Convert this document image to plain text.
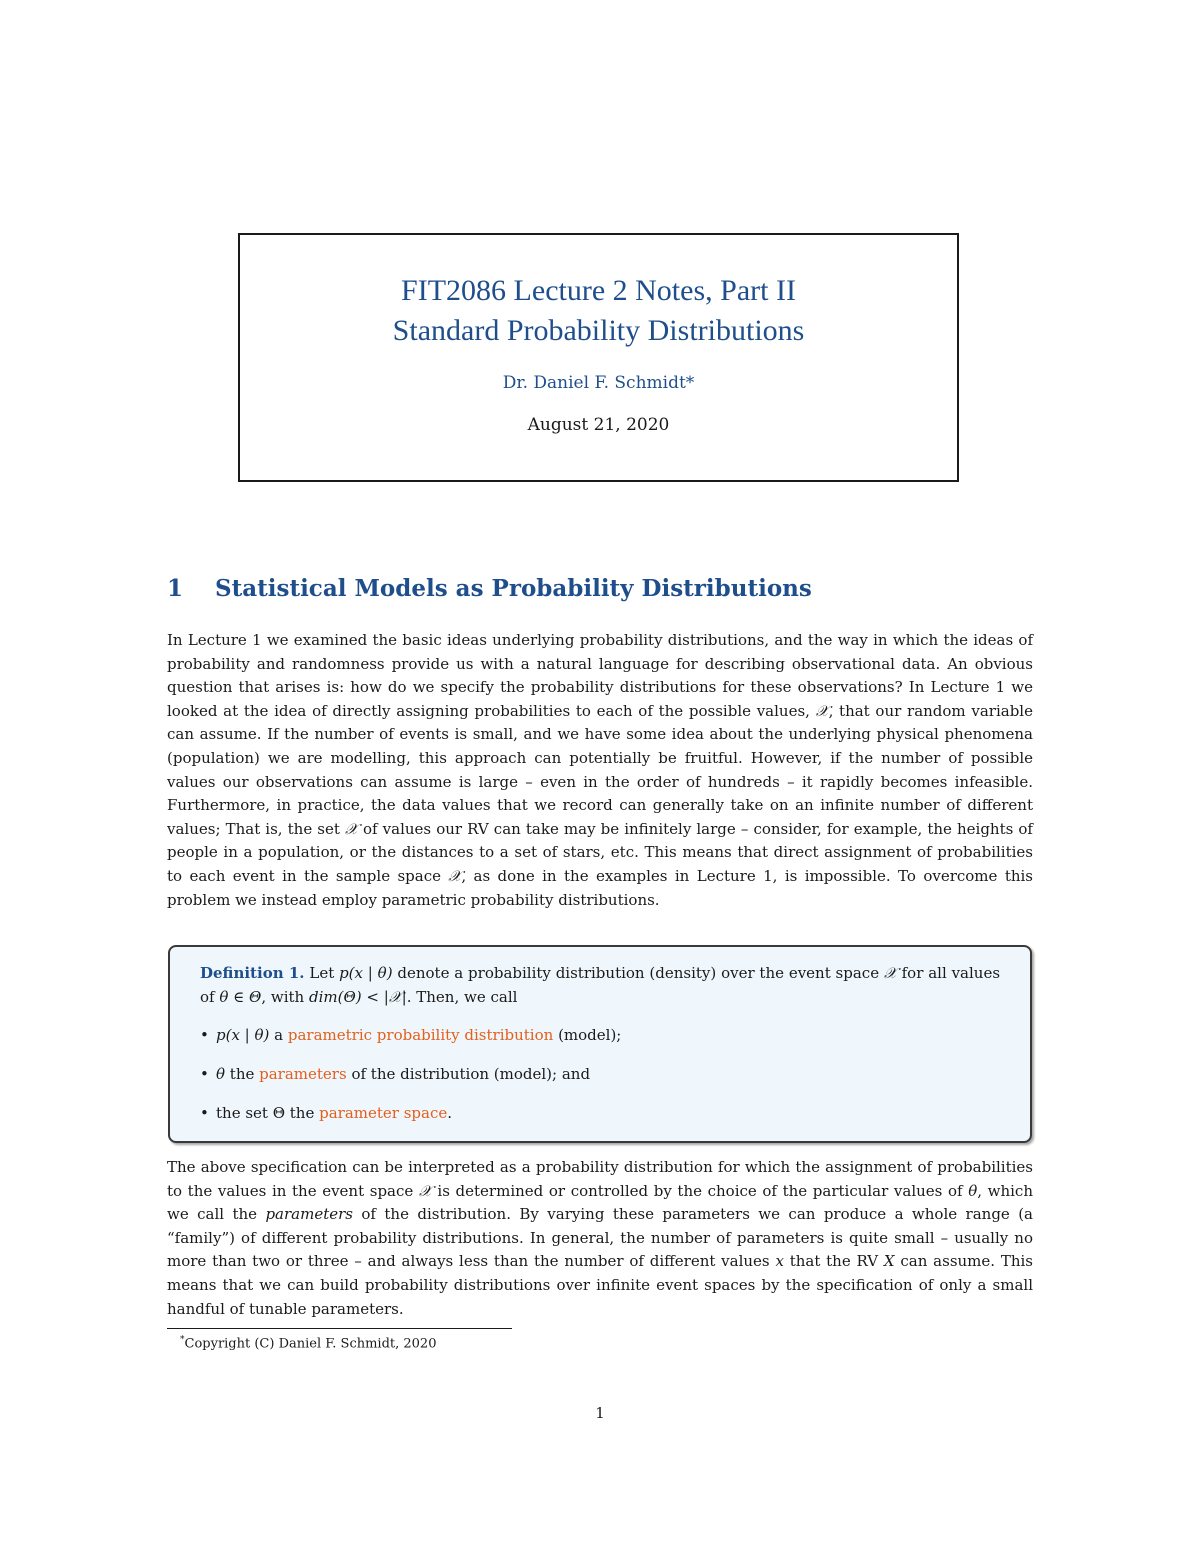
FIT2086 Lecture 2 Notes, Part II
Standard Probability Distributions
Dr. Daniel F. Schmidt*
August 21, 2020
1 Statistical Models as Probability Distributions
In Lecture 1 we examined the basic ideas underlying probability distributions, and the way in which the ideas of probability and randomness provide us with a natural language for describing observational data. An obvious question that arises is: how do we specify the probability distributions for these observations? In Lecture 1 we looked at the idea of directly assigning probabilities to each of the possible values, 𝒳, that our random variable can assume. If the number of events is small, and we have some idea about the underlying physical phenomena (population) we are modelling, this approach can potentially be fruitful. However, if the number of possible values our observations can assume is large – even in the order of hundreds – it rapidly becomes infeasible. Furthermore, in practice, the data values that we record can generally take on an infinite number of different values; That is, the set 𝒳 of values our RV can take may be infinitely large – consider, for example, the heights of people in a population, or the distances to a set of stars, etc. This means that direct assignment of probabilities to each event in the sample space 𝒳, as done in the examples in Lecture 1, is impossible. To overcome this problem we instead employ parametric probability distributions.
Definition 1. Let p(x | θ) denote a probability distribution (density) over the event space 𝒳 for all values of θ ∈ Θ, with dim(Θ) < |𝒳|. Then, we call
• p(x | θ) a parametric probability distribution (model);
• θ the parameters of the distribution (model); and
• the set Θ the parameter space.
The above specification can be interpreted as a probability distribution for which the assignment of probabilities to the values in the event space 𝒳 is determined or controlled by the choice of the particular values of θ, which we call the parameters of the distribution. By varying these parameters we can produce a whole range (a “family”) of different probability distributions. In general, the number of parameters is quite small – usually no more than two or three – and always less than the number of different values x that the RV X can assume. This means that we can build probability distributions over infinite event spaces by the specification of only a small handful of tunable parameters.
*Copyright (C) Daniel F. Schmidt, 2020
1
